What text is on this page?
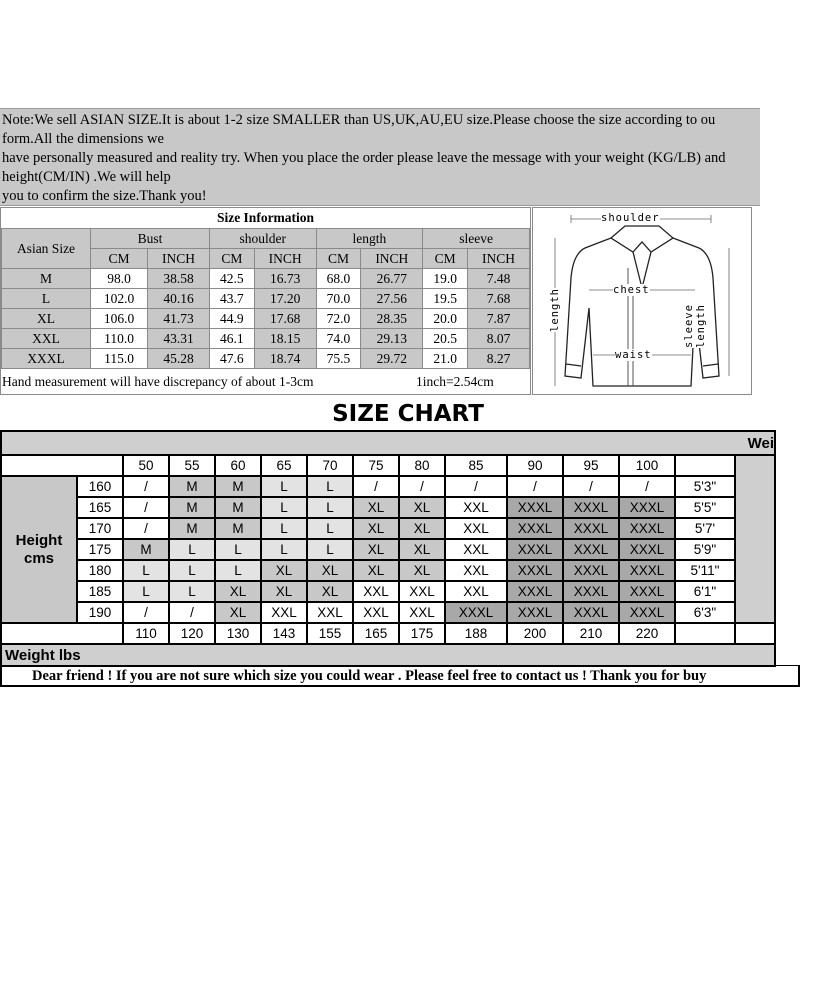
Note:We sell ASIAN SIZE.It is about 1-2 size SMALLER than US,UK,AU,EU size.Please choose the size according to ou
form.All the dimensions we
have personally measured and reality try. When you place the order please leave the message with your weight (KG/LB) and
height(CM/IN) .We will help
you to confirm the size.Thank you!
Size Information								
Asian Size	Bust		shoulder		length		sleeve	
	CM	INCH	CM	INCH	CM	INCH	CM	INCH
M	98.0	38.58	42.5	16.73	68.0	26.77	19.0	7.48
L	102.0	40.16	43.7	17.20	70.0	27.56	19.5	7.68
XL	106.0	41.73	44.9	17.68	72.0	28.35	20.0	7.87
XXL	110.0	43.31	46.1	18.15	74.0	29.13	20.5	8.07
XXXL	115.0	45.28	47.6	18.74	75.5	29.72	21.0	8.27
Hand measurement will have discrepancy of about 1-3cm	1inch=2.54cm
shoulder
chest
waist
length	sleeve length
SIZE CHART
Wei														
		50	55	60	65	70	75	80	85	90	95	100		
Height cms	160	/	M	M	L	L	/	/	/	/	/	/	5'3"	
	165	/	M	M	L	L	XL	XL	XXL	XXXL	XXXL	XXXL	5'5"	
	170	/	M	M	L	L	XL	XL	XXL	XXXL	XXXL	XXXL	5'7'	
	175	M	L	L	L	L	XL	XL	XXL	XXXL	XXXL	XXXL	5'9"	
	180	L	L	L	XL	XL	XL	XL	XXL	XXXL	XXXL	XXXL	5'11"	
	185	L	L	XL	XL	XL	XXL	XXL	XXL	XXXL	XXXL	XXXL	6'1"	
	190	/	/	XL	XXL	XXL	XXL	XXL	XXXL	XXXL	XXXL	XXXL	6'3"	
		110	120	130	143	155	165	175	188	200	210	220		
Weight lbs														
Dear friend ! If you are not sure which size you could wear . Please feel free to contact us ! Thank you for buy
